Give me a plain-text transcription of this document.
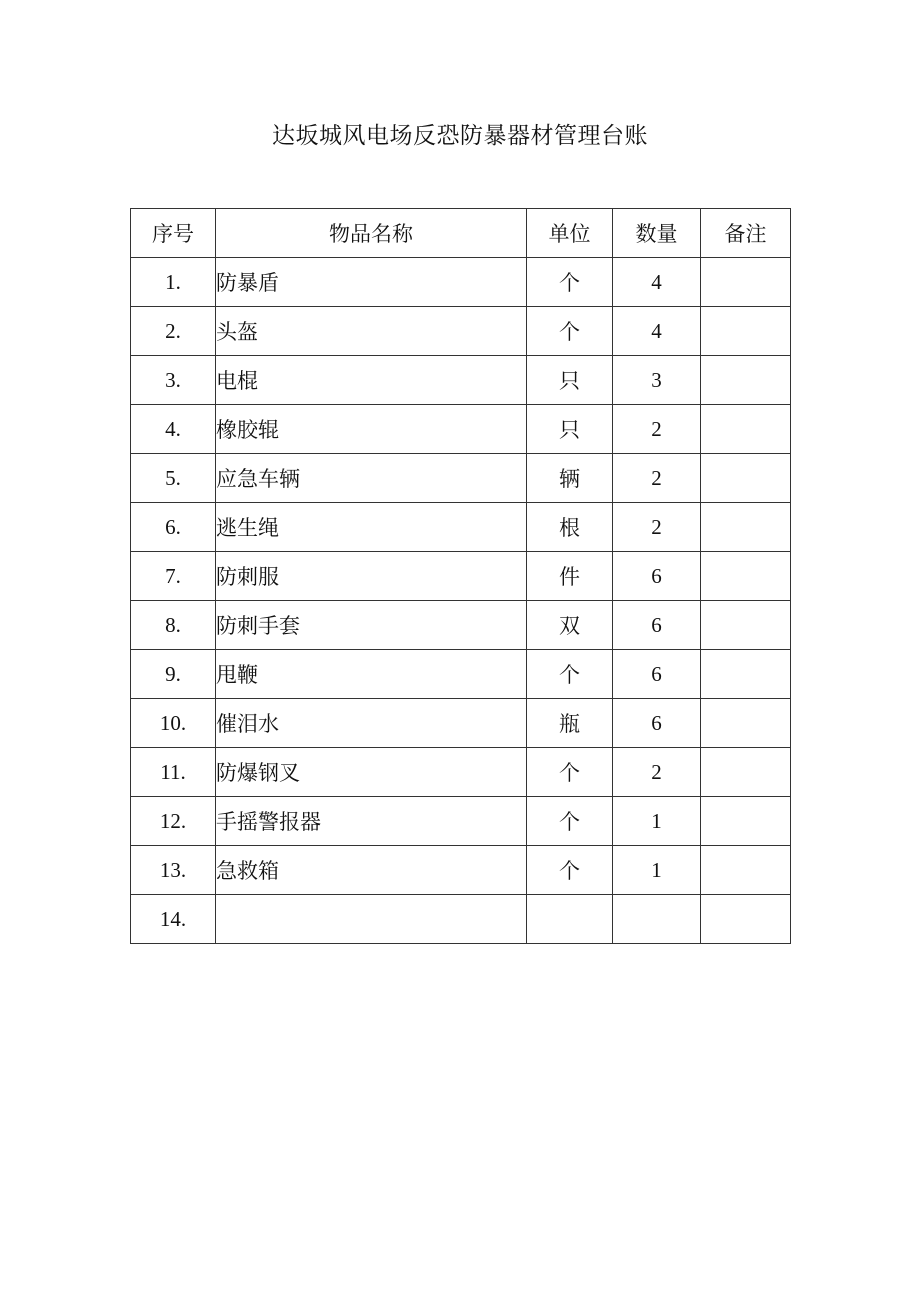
达坂城风电场反恐防暴器材管理台账
序号	物品名称	单位	数量	备注
1.	防暴盾	个	4	
2.	头盔	个	4	
3.	电棍	只	3	
4.	橡胶辊	只	2	
5.	应急车辆	辆	2	
6.	逃生绳	根	2	
7.	防刺服	件	6	
8.	防刺手套	双	6	
9.	甩鞭	个	6	
10.	催泪水	瓶	6	
11.	防爆钢叉	个	2	
12.	手摇警报器	个	1	
13.	急救箱	个	1	
14.				
